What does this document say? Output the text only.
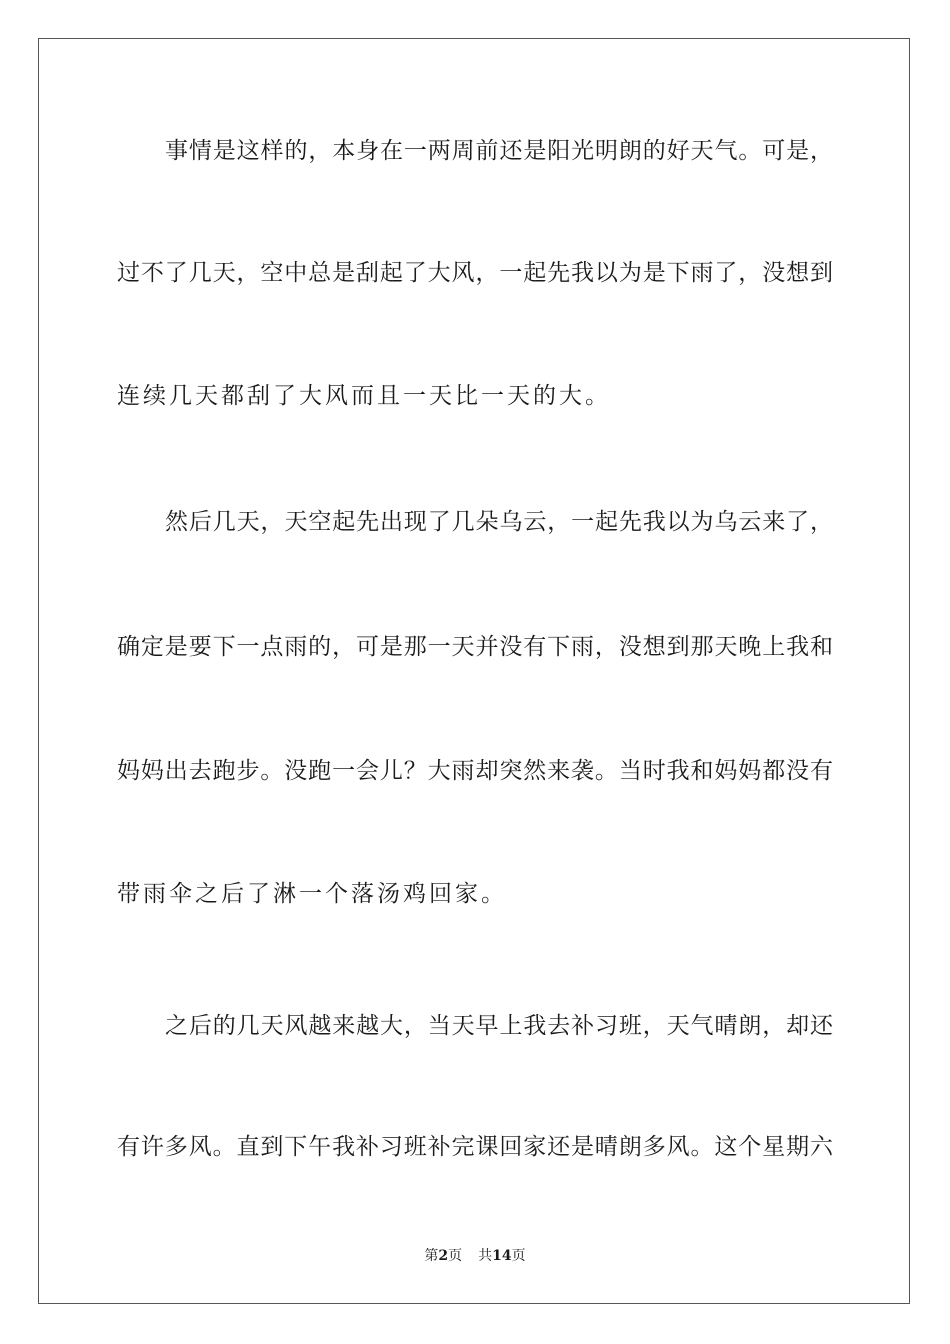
事情是这样的，本身在一两周前还是阳光明朗的好天气。可是，
过不了几天，空中总是刮起了大风，一起先我以为是下雨了，没想到
连续几天都刮了大风而且一天比一天的大。
然后几天，天空起先出现了几朵乌云，一起先我以为乌云来了，
确定是要下一点雨的，可是那一天并没有下雨，没想到那天晚上我和
妈妈出去跑步。没跑一会儿？大雨却突然来袭。当时我和妈妈都没有
带雨伞之后了淋一个落汤鸡回家。
之后的几天风越来越大，当天早上我去补习班，天气晴朗，却还
有许多风。直到下午我补习班补完课回家还是晴朗多风。这个星期六
第2页 共14页
